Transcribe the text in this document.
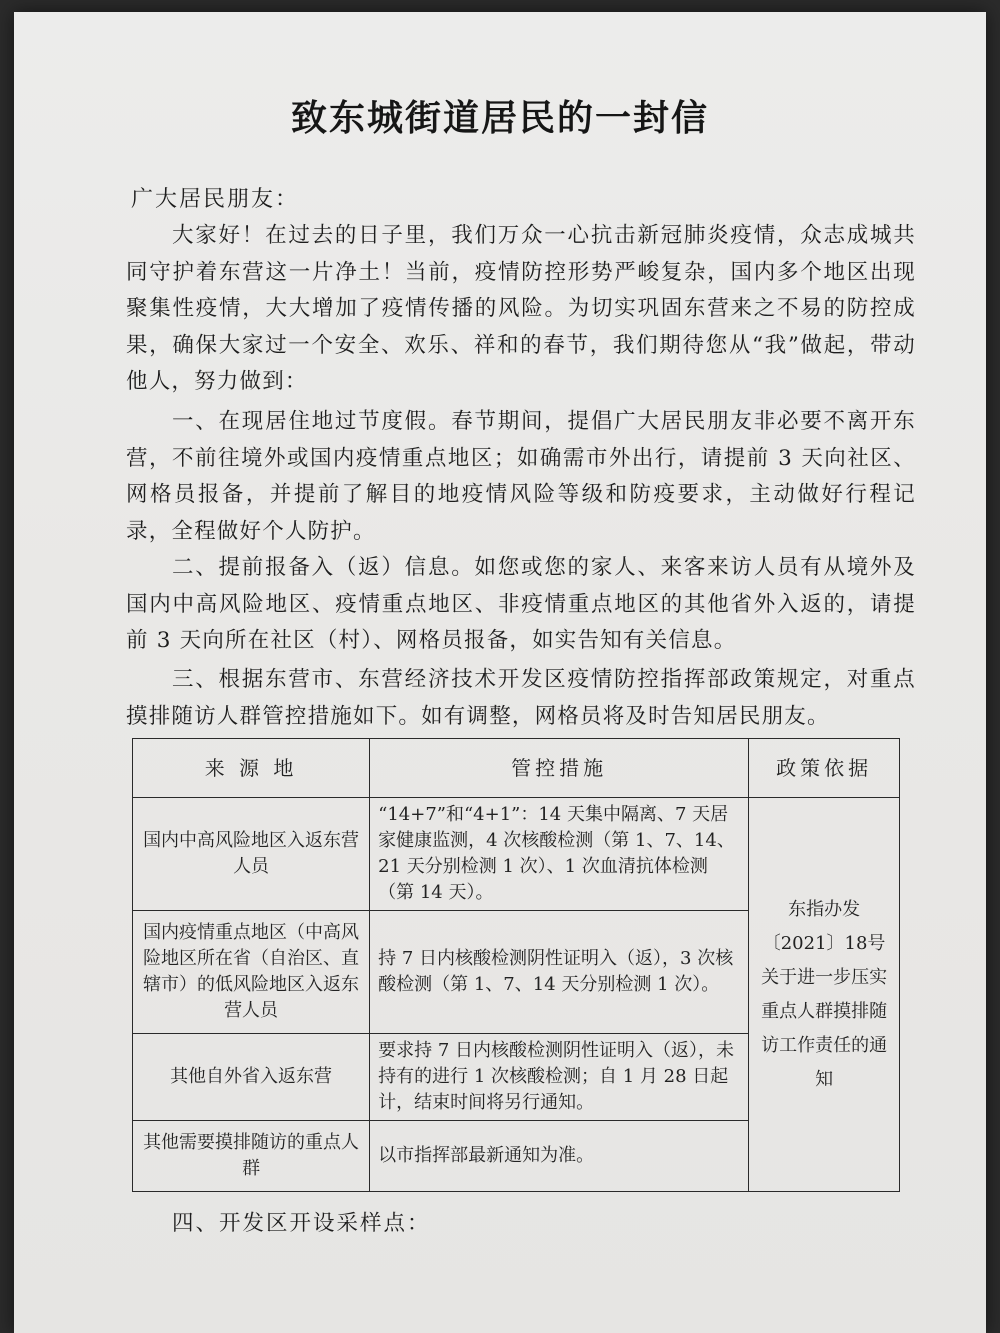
致东城街道居民的一封信
广大居民朋友：

大家好！在过去的日子里，我们万众一心抗击新冠肺炎疫情，众志成城共同守护着东营这一片净土！当前，疫情防控形势严峻复杂，国内多个地区出现聚集性疫情，大大增加了疫情传播的风险。为切实巩固东营来之不易的防控成果，确保大家过一个安全、欢乐、祥和的春节，我们期待您从“我”做起，带动他人，努力做到：

一、在现居住地过节度假。春节期间，提倡广大居民朋友非必要不离开东营，不前往境外或国内疫情重点地区；如确需市外出行，请提前 3 天向社区、网格员报备，并提前了解目的地疫情风险等级和防疫要求，主动做好行程记录，全程做好个人防护。

二、提前报备入（返）信息。如您或您的家人、来客来访人员有从境外及国内中高风险地区、疫情重点地区、非疫情重点地区的其他省外入返的，请提前 3 天向所在社区（村）、网格员报备，如实告知有关信息。

三、根据东营市、东营经济技术开发区疫情防控指挥部政策规定，对重点摸排随访人群管控措施如下。如有调整，网格员将及时告知居民朋友。

来 源 地	管控措施	政策依据
国内中高风险地区入返东营人员	“14+7”和“4+1”：14 天集中隔离、7 天居家健康监测，4 次核酸检测（第 1、7、14、21 天分别检测 1 次）、1 次血清抗体检测（第 14 天）。	东指办发〔2021〕18号关于进一步压实重点人群摸排随访工作责任的通知
国内疫情重点地区（中高风险地区所在省（自治区、直辖市）的低风险地区入返东营人员	持 7 日内核酸检测阴性证明入（返），3 次核酸检测（第 1、7、14 天分别检测 1 次）。	
其他自外省入返东营	要求持 7 日内核酸检测阴性证明入（返），未持有的进行 1 次核酸检测；自 1 月 28 日起计，结束时间将另行通知。	
其他需要摸排随访的重点人群	以市指挥部最新通知为准。	

四、开发区开设采样点：
